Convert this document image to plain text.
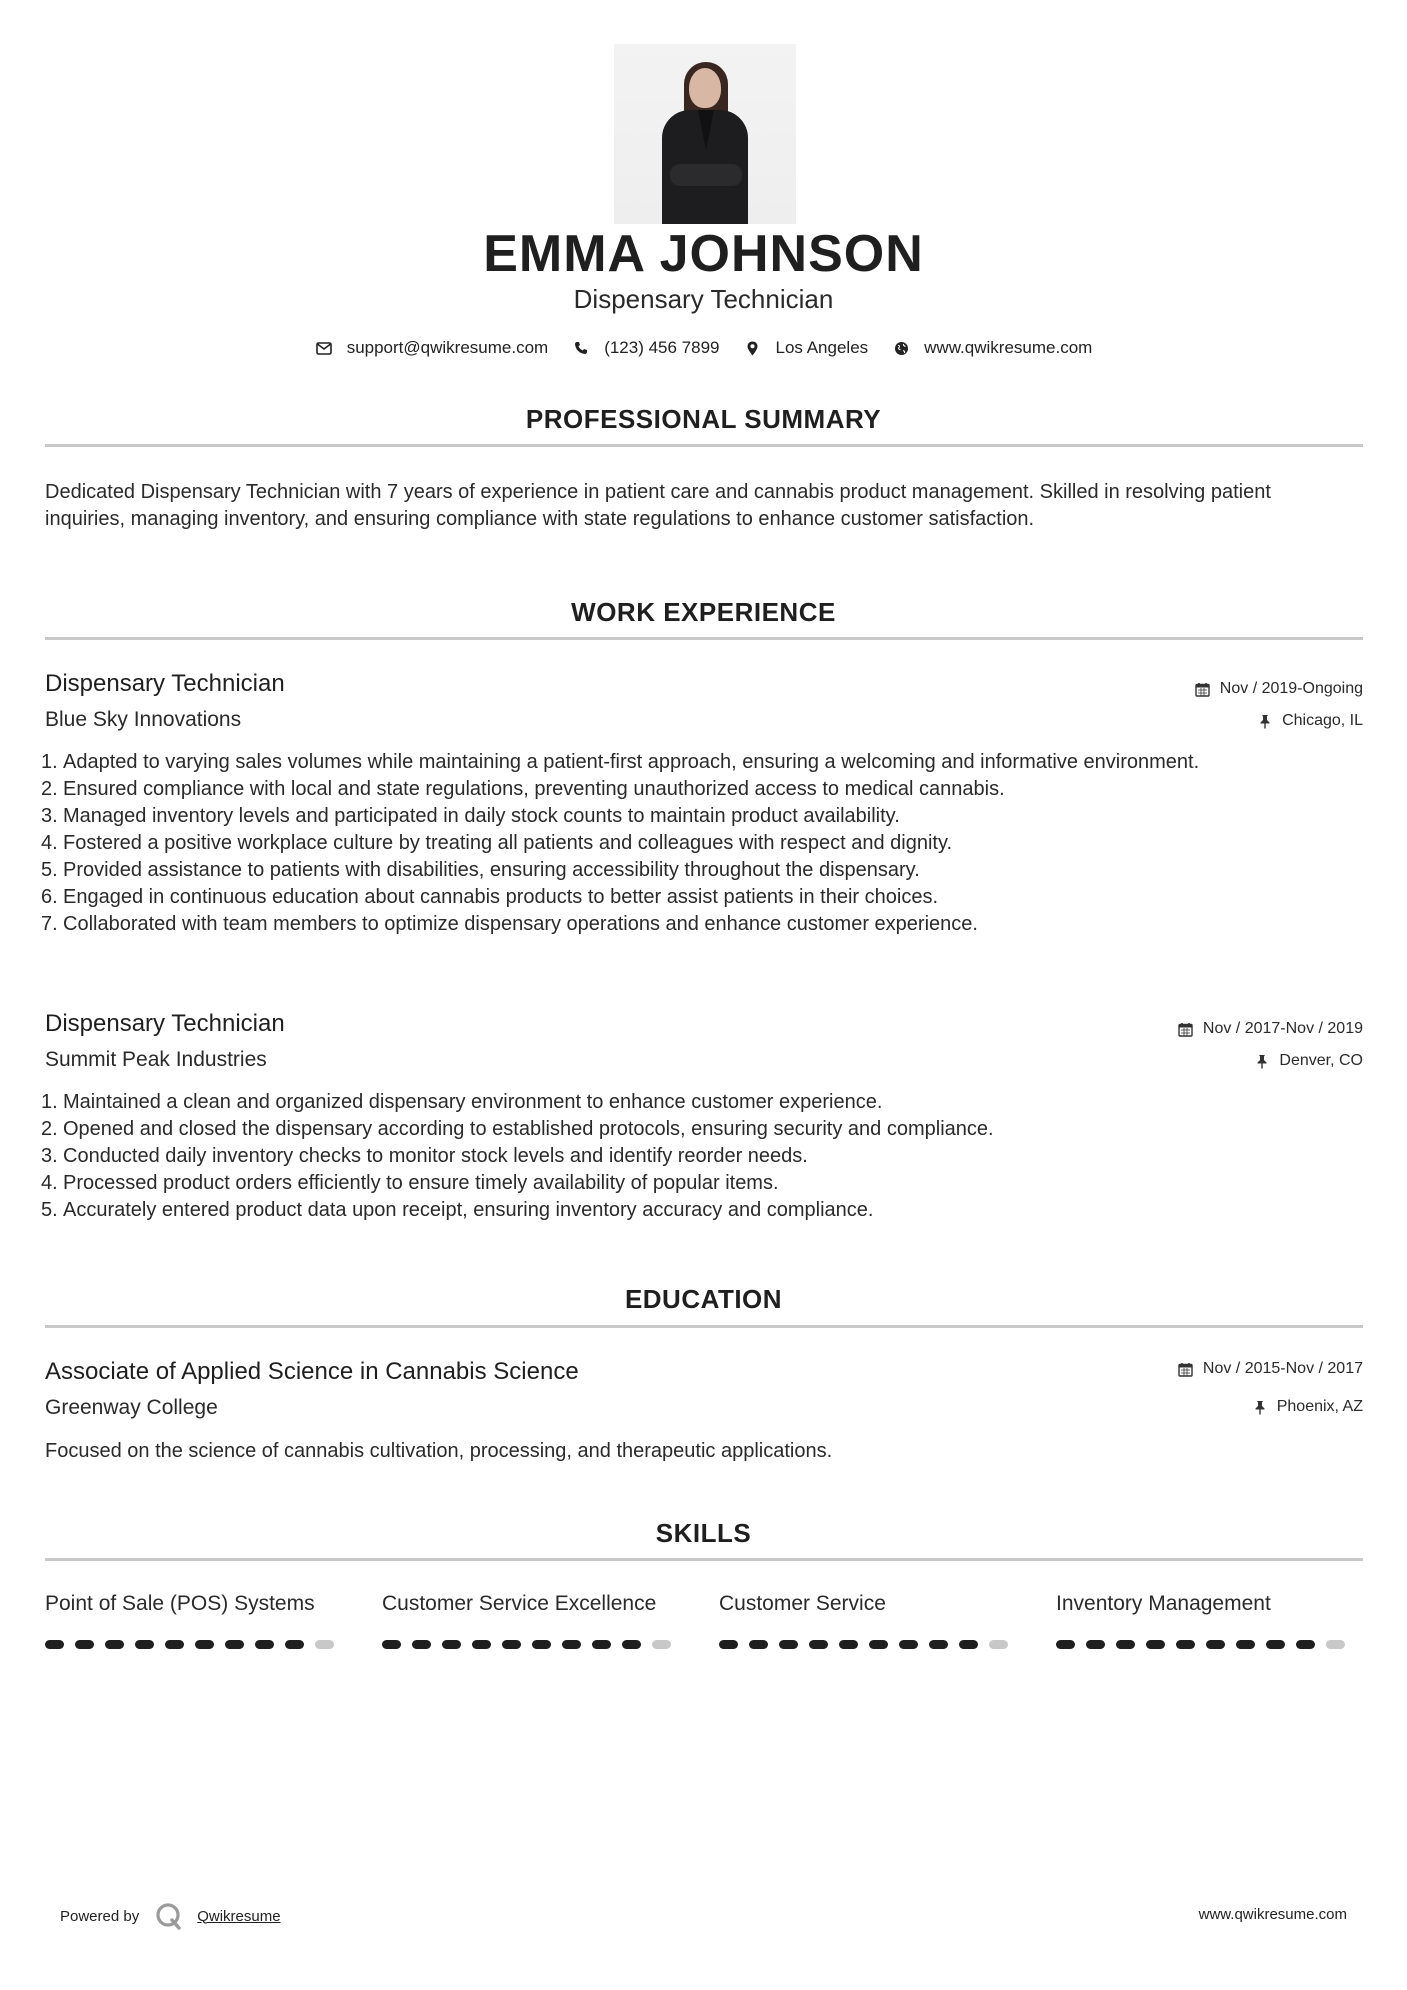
EMMA JOHNSON
Dispensary Technician
support@qwikresume.com	(123) 456 7899	Los Angeles	www.qwikresume.com
PROFESSIONAL SUMMARY
Dedicated Dispensary Technician with 7 years of experience in patient care and cannabis product management. Skilled in resolving patient inquiries, managing inventory, and ensuring compliance with state regulations to enhance customer satisfaction.
WORK EXPERIENCE
Dispensary Technician	Nov / 2019-Ongoing
Blue Sky Innovations	Chicago, IL
1. Adapted to varying sales volumes while maintaining a patient-first approach, ensuring a welcoming and informative environment.
2. Ensured compliance with local and state regulations, preventing unauthorized access to medical cannabis.
3. Managed inventory levels and participated in daily stock counts to maintain product availability.
4. Fostered a positive workplace culture by treating all patients and colleagues with respect and dignity.
5. Provided assistance to patients with disabilities, ensuring accessibility throughout the dispensary.
6. Engaged in continuous education about cannabis products to better assist patients in their choices.
7. Collaborated with team members to optimize dispensary operations and enhance customer experience.
Dispensary Technician	Nov / 2017-Nov / 2019
Summit Peak Industries	Denver, CO
1. Maintained a clean and organized dispensary environment to enhance customer experience.
2. Opened and closed the dispensary according to established protocols, ensuring security and compliance.
3. Conducted daily inventory checks to monitor stock levels and identify reorder needs.
4. Processed product orders efficiently to ensure timely availability of popular items.
5. Accurately entered product data upon receipt, ensuring inventory accuracy and compliance.
EDUCATION
Associate of Applied Science in Cannabis Science	Nov / 2015-Nov / 2017
Greenway College	Phoenix, AZ
Focused on the science of cannabis cultivation, processing, and therapeutic applications.
SKILLS
Point of Sale (POS) Systems	Customer Service Excellence	Customer Service	Inventory Management
Powered by	Qwikresume	www.qwikresume.com
